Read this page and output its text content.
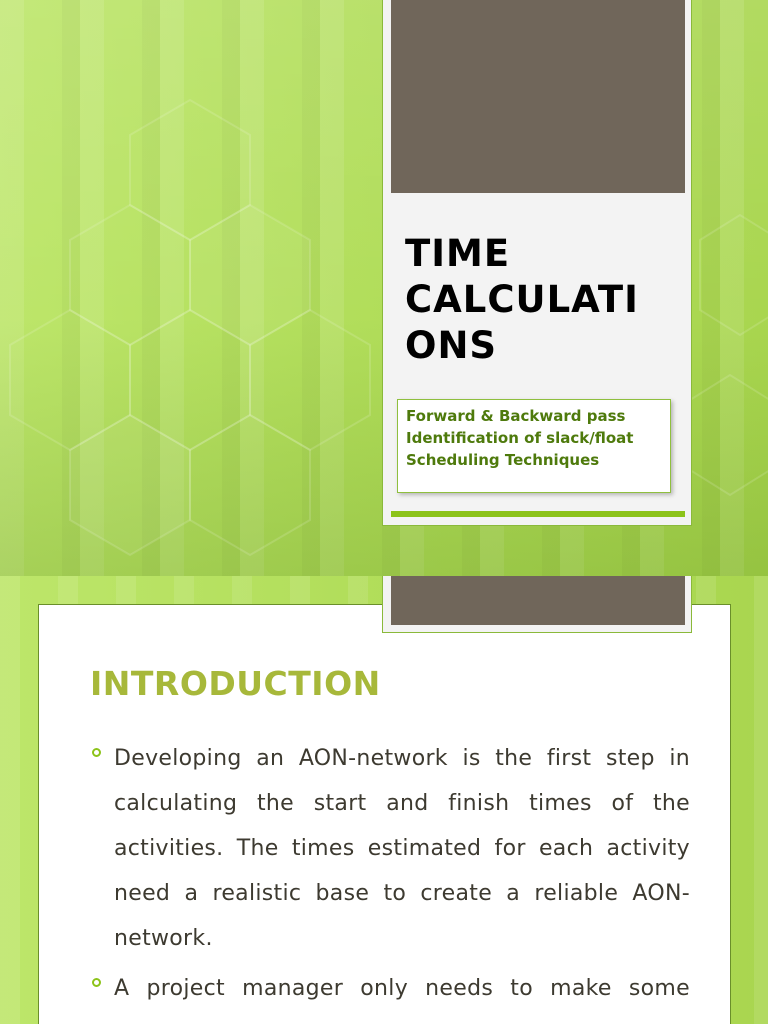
TIME CALCULATI ONS
Forward & Backward pass
Identification of slack/float
Scheduling Techniques
INTRODUCTION
Developing an AON-network is the first step in calculating the start and finish times of the activities. The times estimated for each activity need a realistic base to create a reliable AON-network.
A project manager only needs to make some
